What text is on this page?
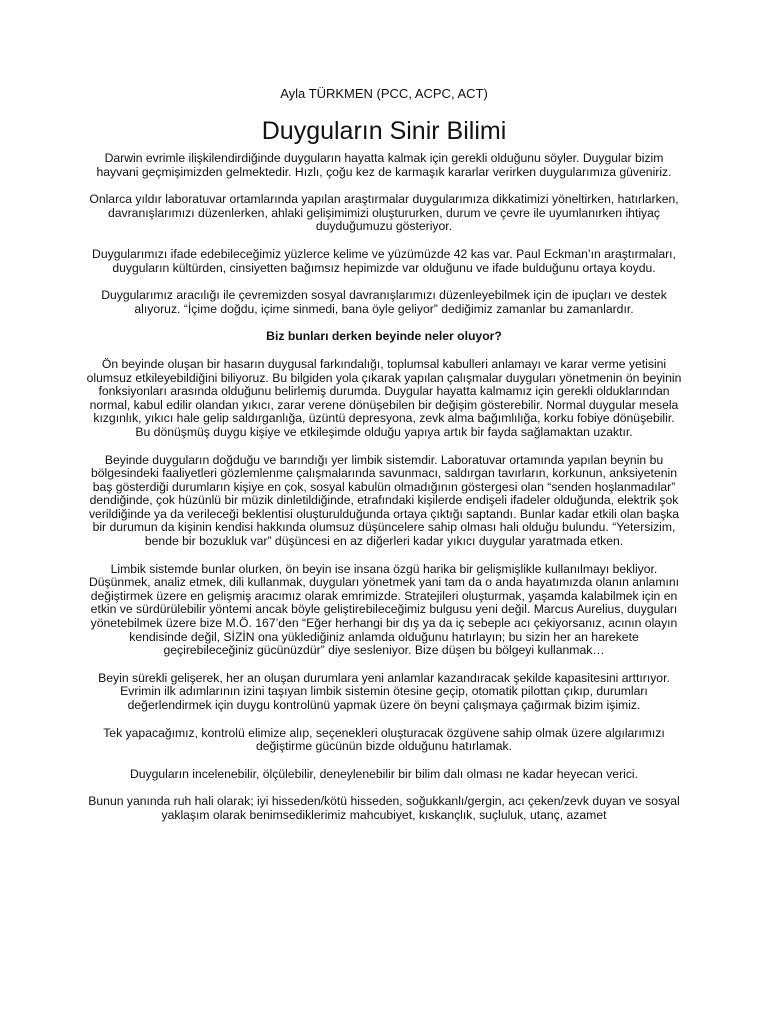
Ayla TÜRKMEN (PCC, ACPC, ACT)
Duyguların Sinir Bilimi

Darwin evrimle ilişkilendirdiğinde duyguların hayatta kalmak için gerekli olduğunu söyler. Duygular bizim hayvani geçmişimizden gelmektedir. Hızlı, çoğu kez de karmaşık kararlar verirken duygularımıza güveniriz.

Onlarca yıldır laboratuvar ortamlarında yapılan araştırmalar duygularımıza dikkatimizi yöneltirken, hatırlarken, davranışlarımızı düzenlerken, ahlaki gelişimimizi oluştururken, durum ve çevre ile uyumlanırken ihtiyaç duyduğumuzu gösteriyor.

Duygularımızı ifade edebileceğimiz yüzlerce kelime ve yüzümüzde 42 kas var. Paul Eckman’ın araştırmaları, duyguların kültürden, cinsiyetten bağımsız hepimizde var olduğunu ve ifade bulduğunu ortaya koydu.

Duygularımız aracılığı ile çevremizden sosyal davranışlarımızı düzenleyebilmek için de ipuçları ve destek alıyoruz. “İçime doğdu, içime sinmedi, bana öyle geliyor” dediğimiz zamanlar bu zamanlardır.

Biz bunları derken beyinde neler oluyor?

Ön beyinde oluşan bir hasarın duygusal farkındalığı, toplumsal kabulleri anlamayı ve karar verme yetisini olumsuz etkileyebildiğini biliyoruz. Bu bilgiden yola çıkarak yapılan çalışmalar duyguları yönetmenin ön beyinin fonksiyonları arasında olduğunu belirlemiş durumda. Duygular hayatta kalmamız için gerekli olduklarından normal, kabul edilir olandan yıkıcı, zarar verene dönüşebilen bir değişim gösterebilir. Normal duygular mesela kızgınlık, yıkıcı hale gelip saldırganlığa, üzüntü depresyona, zevk alma bağımlılığa, korku fobiye dönüşebilir. Bu dönüşmüş duygu kişiye ve etkileşimde olduğu yapıya artık bir fayda sağlamaktan uzaktır.

Beyinde duyguların doğduğu ve barındığı yer limbik sistemdir. Laboratuvar ortamında yapılan beynin bu bölgesindeki faaliyetleri gözlemlenme çalışmalarında savunmacı, saldırgan tavırların, korkunun, anksiyetenin baş gösterdiği durumların kişiye en çok, sosyal kabulün olmadığının göstergesi olan “senden hoşlanmadılar” dendiğinde, çok hüzünlü bir müzik dinletildiğinde, etrafındaki kişilerde endişeli ifadeler olduğunda, elektrik şok verildiğinde ya da verileceği beklentisi oluşturulduğunda ortaya çıktığı saptandı. Bunlar kadar etkili olan başka bir durumun da kişinin kendisi hakkında olumsuz düşüncelere sahip olması hali olduğu bulundu. “Yetersizim, bende bir bozukluk var” düşüncesi en az diğerleri kadar yıkıcı duygular yaratmada etken.

Limbik sistemde bunlar olurken, ön beyin ise insana özgü harika bir gelişmişlikle kullanılmayı bekliyor. Düşünmek, analiz etmek, dili kullanmak, duyguları yönetmek yani tam da o anda hayatımızda olanın anlamını değiştirmek üzere en gelişmiş aracımız olarak emrimizde. Stratejileri oluşturmak, yaşamda kalabilmek için en etkin ve sürdürülebilir yöntemi ancak böyle geliştirebileceğimiz bulgusu yeni değil. Marcus Aurelius, duyguları yönetebilmek üzere bize M.Ö. 167’den “Eğer herhangi bir dış ya da iç sebeple acı çekiyorsanız, acının olayın kendisinde değil, SİZİN ona yüklediğiniz anlamda olduğunu hatırlayın; bu sizin her an harekete geçirebileceğiniz gücünüzdür” diye sesleniyor. Bize düşen bu bölgeyi kullanmak…

Beyin sürekli gelişerek, her an oluşan durumlara yeni anlamlar kazandıracak şekilde kapasitesini arttırıyor. Evrimin ilk adımlarının izini taşıyan limbik sistemin ötesine geçip, otomatik pilottan çıkıp, durumları değerlendirmek için duygu kontrolünü yapmak üzere ön beyni çalışmaya çağırmak bizim işimiz.

Tek yapacağımız, kontrolü elimize alıp, seçenekleri oluşturacak özgüvene sahip olmak üzere algılarımızı değiştirme gücünün bizde olduğunu hatırlamak.

Duyguların incelenebilir, ölçülebilir, deneylenebilir bir bilim dalı olması ne kadar heyecan verici.

Bunun yanında ruh hali olarak; iyi hisseden/kötü hisseden, soğukkanlı/gergin, acı çeken/zevk duyan ve sosyal yaklaşım olarak benimsediklerimiz mahcubiyet, kıskançlık, suçluluk, utanç, azamet
